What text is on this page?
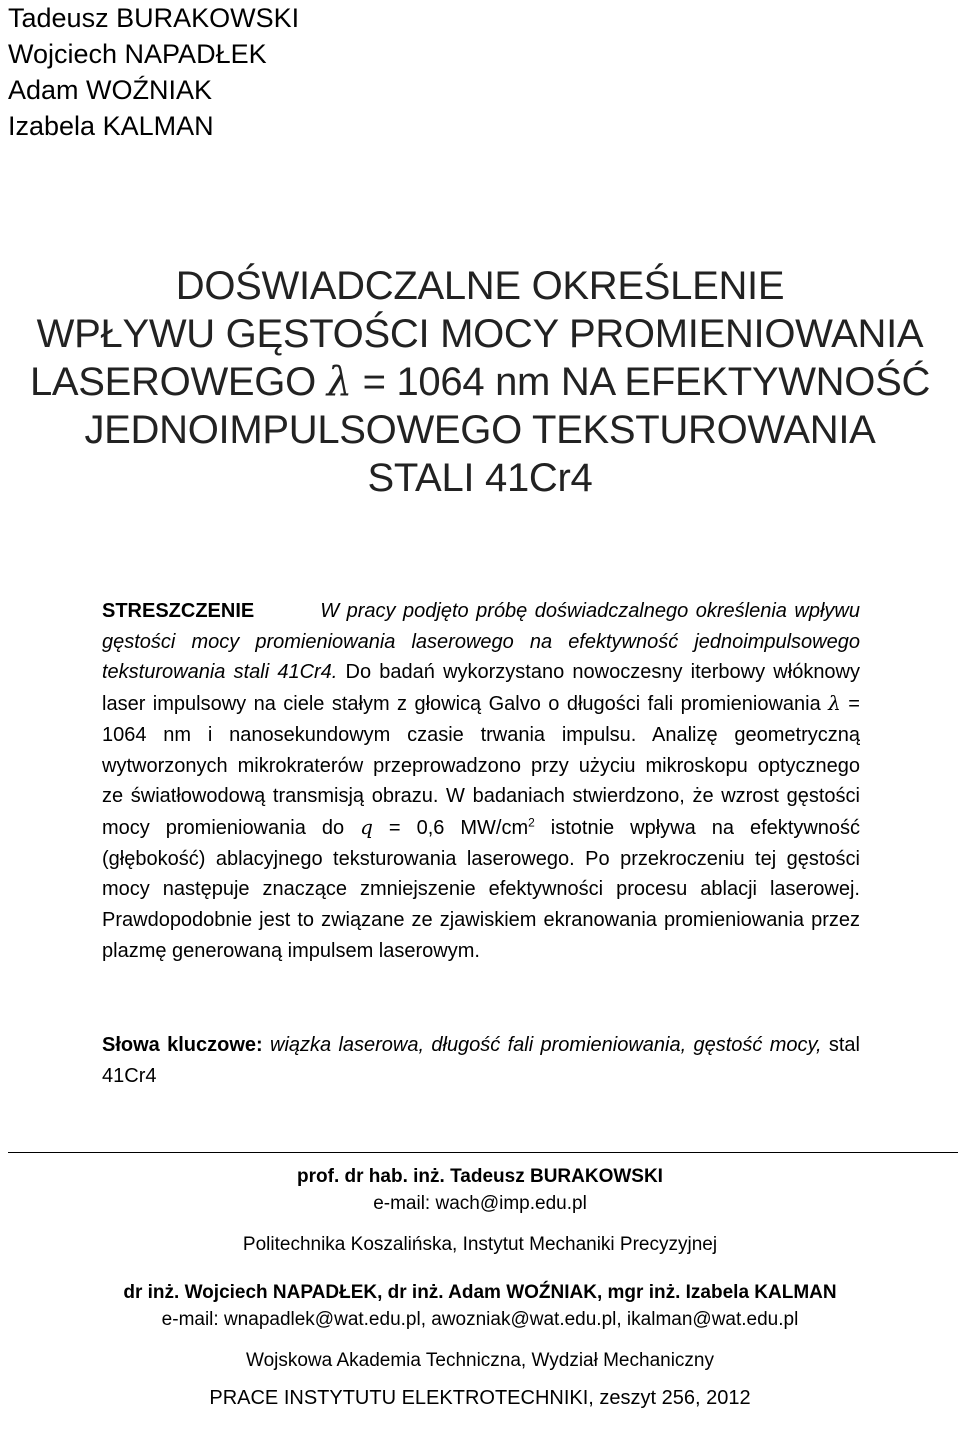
Tadeusz BURAKOWSKI
Wojciech NAPADŁEK
Adam WOŹNIAK
Izabela KALMAN
DOŚWIADCZALNE OKREŚLENIE
WPŁYWU GĘSTOŚCI MOCY PROMIENIOWANIA
LASEROWEGO λ = 1064 nm NA EFEKTYWNOŚĆ
JEDNOIMPULSOWEGO TEKSTUROWANIA
STALI 41Cr4
STRESZCZENIE	W pracy podjęto próbę doświadczalnego określenia wpływu gęstości mocy promieniowania laserowego na efektywność jednoimpulsowego teksturowania stali 41Cr4. Do badań wykorzystano nowoczesny iterbowy włóknowy laser impulsowy na ciele stałym z głowicą Galvo o długości fali promieniowania λ = 1064 nm i nanosekundowym czasie trwania impulsu. Analizę geometryczną wytworzonych mikrokraterów przeprowadzono przy użyciu mikroskopu optycznego ze światłowodową transmisją obrazu. W badaniach stwierdzono, że wzrost gęstości mocy promieniowania do q = 0,6 $MW/cm^2$ istotnie wpływa na efektywność (głębokość) ablacyjnego teksturowania laserowego. Po przekroczeniu tej gęstości mocy następuje znaczące zmniejszenie efektywności procesu ablacji laserowej. Prawdopodobnie jest to związane ze zjawiskiem ekranowania promieniowania przez plazmę generowaną impulsem laserowym.
Słowa kluczowe: wiązka laserowa, długość fali promieniowania, gęstość mocy, stal 41Cr4
prof. dr hab. inż. Tadeusz BURAKOWSKI
e-mail: wach@imp.edu.pl
Politechnika Koszalińska, Instytut Mechaniki Precyzyjnej
dr inż. Wojciech NAPADŁEK, dr inż. Adam WOŹNIAK, mgr inż. Izabela KALMAN
e-mail: wnapadlek@wat.edu.pl, awozniak@wat.edu.pl, ikalman@wat.edu.pl
Wojskowa Akademia Techniczna, Wydział Mechaniczny
PRACE INSTYTUTU ELEKTROTECHNIKI, zeszyt 256, 2012
